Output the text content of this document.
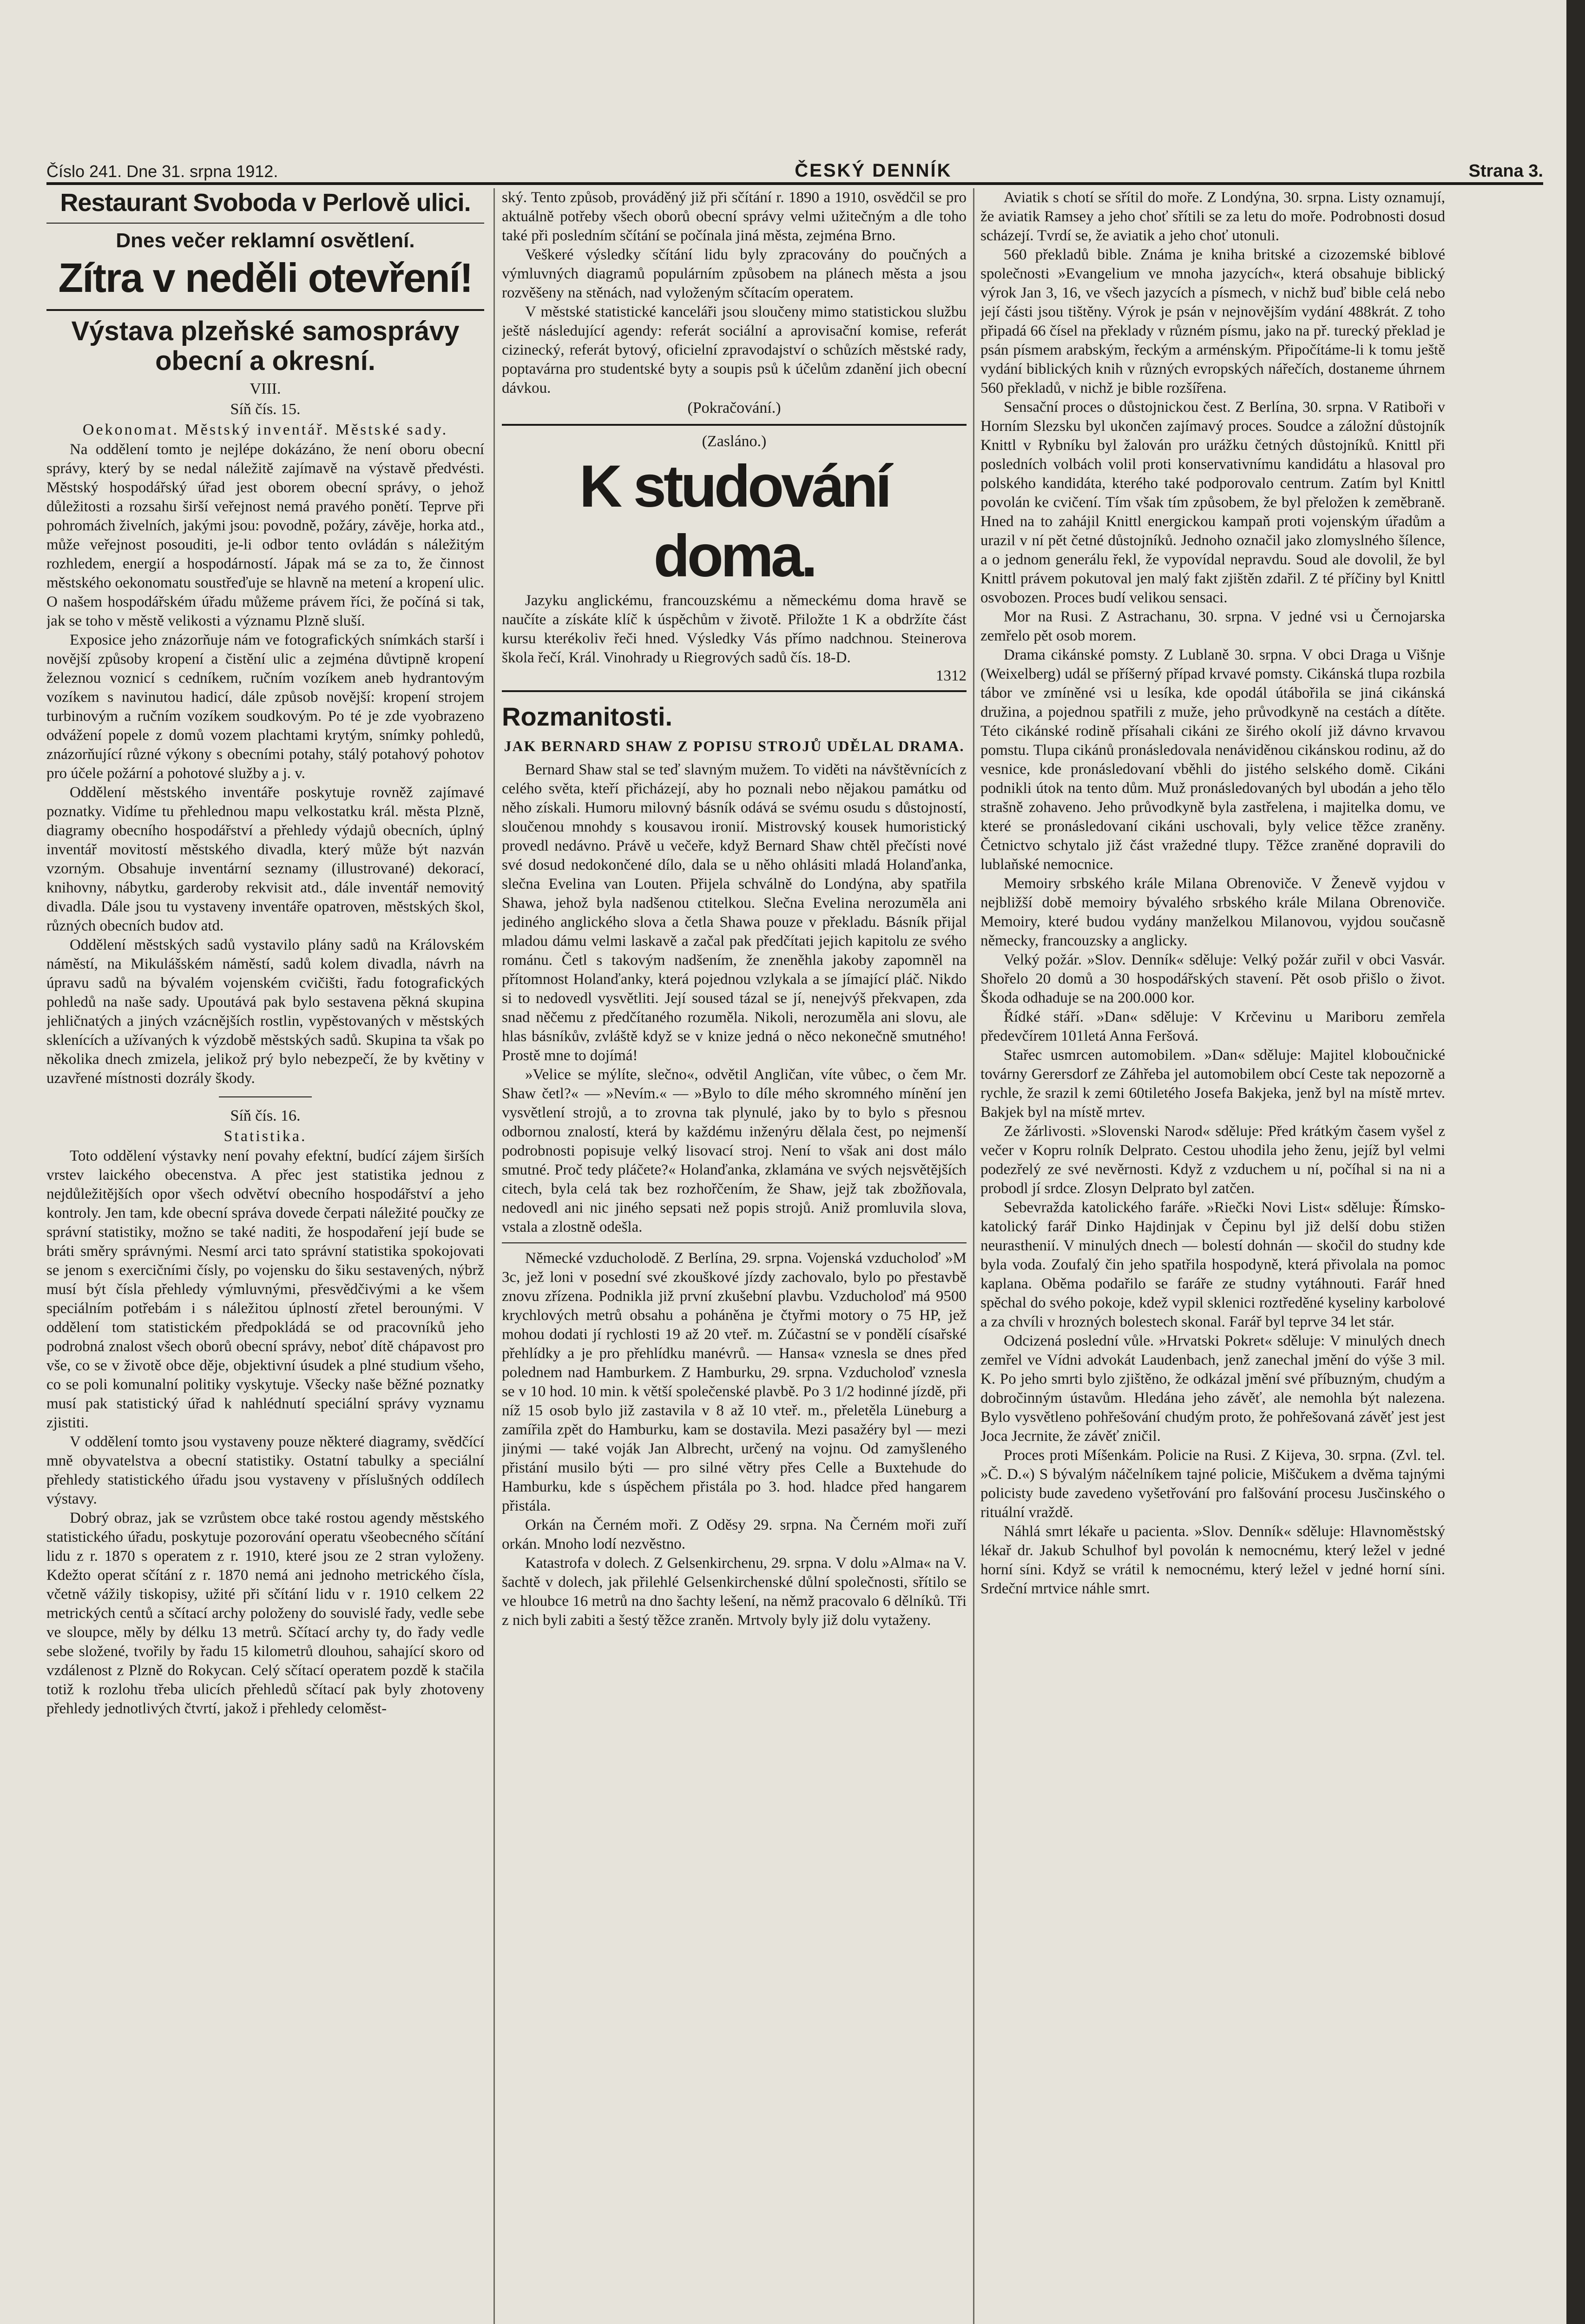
Číslo 241. Dne 31. srpna 1912.	ČESKÝ DENNÍK	Strana 3.
Restaurant Svoboda v Perlově ulici.
Dnes večer reklamní osvětlení.
Zítra v neděli otevření!
Výstava plzeňské samosprávy obecní a okresní.
VIII.
Síň čís. 15.
Oekonomat. Městský inventář. Městské sady.

Na oddělení tomto je nejlépe dokázáno, že není oboru obecní správy, který by se nedal náležitě zajímavě na výstavě předvésti. Městský hospodářský úřad jest oborem obecní správy, o jehož důležitosti a rozsahu širší veřejnost nemá pravého ponětí. Teprve při pohromách živelních, jakými jsou: povodně, požáry, závěje, horka atd., může veřejnost posouditi, je-li odbor tento ovládán s náležitým rozhledem, energií a hospodárností. Jápak má se za to, že činnost městského oekonomatu soustřeďuje se hlavně na metení a kropení ulic. O našem hospodářském úřadu můžeme právem říci, že počíná si tak, jak se toho v městě velikosti a významu Plzně sluší.

Exposice jeho znázorňuje nám ve fotografických snímkách starší i novější způsoby kropení a čistění ulic a zejména důvtipně kropení železnou voznicí s cedníkem, ručním vozíkem aneb hydrantovým vozíkem s navinutou hadicí, dále způsob novější: kropení strojem turbinovým a ručním vozíkem soudkovým. Po té je zde vyobrazeno odvážení popele z domů vozem plachtami krytým, snímky pohledů, znázorňující různé výkony s obecními potahy, stálý potahový pohotov pro účele požární a pohotové služby a j. v.

Oddělení městského inventáře poskytuje rovněž zajímavé poznatky. Vidíme tu přehlednou mapu velkostatku král. města Plzně, diagramy obecního hospodářství a přehledy výdajů obecních, úplný inventář movitostí městského divadla, který může být nazván vzorným. Obsahuje inventární seznamy (illustrované) dekorací, knihovny, nábytku, garderoby rekvisit atd., dále inventář nemovitý divadla. Dále jsou tu vystaveny inventáře opatroven, městských škol, různých obecních budov atd.

Oddělení městských sadů vystavilo plány sadů na Královském náměstí, na Mikulášském náměstí, sadů kolem divadla, návrh na úpravu sadů na bývalém vojenském cvičišti, řadu fotografických pohledů na naše sady. Upoutává pak bylo sestavena pěkná skupina jehličnatých a jiných vzácnějších rostlin, vypěstovaných v městských sklenících a užívaných k výzdobě městských sadů. Skupina ta však po několika dnech zmizela, jelikož prý bylo nebezpečí, že by květiny v uzavřené místnosti dozrály škody.

Síň čís. 16.
Statistika.

Toto oddělení výstavky není povahy efektní, budící zájem širších vrstev laického obecenstva. A přec jest statistika jednou z nejdůležitějších opor všech odvětví obecního hospodářství a jeho kontroly. Jen tam, kde obecní správa dovede čerpati náležité poučky ze správní statistiky, možno se také naditi, že hospodaření její bude se bráti směry správnými. Nesmí arci tato správní statistika spokojovati se jenom s exercičními čísly, po vojensku do šiku sestavených, nýbrž musí být čísla přehledy výmluvnými, přesvědčivými a ke všem speciálním potřebám i s náležitou úplností zřetel berounými. V oddělení tom statistickém předpokládá se od pracovníků jeho podrobná znalost všech oborů obecní správy, neboť dítě chápavost pro vše, co se v životě obce děje, objektivní úsudek a plné studium všeho, co se poli komunalní politiky vyskytuje. Všecky naše běžné poznatky musí pak statistický úřad k nahlédnutí speciální správy vyznamu zjistiti.

V oddělení tomto jsou vystaveny pouze některé diagramy, svědčící mně obyvatelstva a obecní statistiky. Ostatní tabulky a speciální přehledy statistického úřadu jsou vystaveny v příslušných oddílech výstavy.

Dobrý obraz, jak se vzrůstem obce také rostou agendy městského statistického úřadu, poskytuje pozorování operatu všeobecného sčítání lidu z r. 1870 s operatem z r. 1910, které jsou ze 2 stran vyloženy. Kdežto operat sčítání z r. 1870 nemá ani jednoho metrického čísla, včetně vážily tiskopisy, užité při sčítání lidu v r. 1910 celkem 22 metrických centů a sčítací archy položeny do souvislé řady, vedle sebe ve sloupce, měly by délku 13 metrů. Sčítací archy ty, do řady vedle sebe složené, tvořily by řadu 15 kilometrů dlouhou, sahající skoro od vzdálenost z Plzně do Rokycan. Celý sčítací operatem pozdě k stačila totiž k rozlohu třeba ulicích přehledů sčítací pak byly zhotoveny přehledy jednotlivých čtvrtí, jakož i přehledy celoměst-

ský. Tento způsob, prováděný již při sčítání r. 1890 a 1910, osvědčil se pro aktuálně potřeby všech oborů obecní správy velmi užitečným a dle toho také při posledním sčítání se počínala jiná města, zejména Brno.

Veškeré výsledky sčítání lidu byly zpracovány do poučných a výmluvných diagramů populárním způsobem na plánech města a jsou rozvěšeny na stěnách, nad vyloženým sčítacím operatem.

V městské statistické kanceláři jsou sloučeny mimo statistickou službu ještě následující agendy: referát sociální a aprovisační komise, referát cizinecký, referát bytový, oficielní zpravodajství o schůzích městské rady, poptavárna pro studentské byty a soupis psů k účelům zdanění jich obecní dávkou.

(Pokračování.)
(Zasláno.)
K studování doma.

Jazyku anglickému, francouzskému a německému doma hravě se naučíte a získáte klíč k úspěchům v životě. Přiložte 1 K a obdržíte část kursu kterékoliv řeči hned. Výsledky Vás přímo nadchnou. Steinerova škola řečí, Král. Vinohrady u Riegrových sadů čís. 18-D.

1312
Rozmanitosti.
JAK BERNARD SHAW Z POPISU STROJŮ UDĚLAL DRAMA.

Bernard Shaw stal se teď slavným mužem. To viděti na návštěvnících z celého světa, kteří přicházejí, aby ho poznali nebo nějakou památku od něho získali. Humoru milovný básník odává se svému osudu s důstojností, sloučenou mnohdy s kousavou ironií. Mistrovský kousek humoristický provedl nedávno. Právě u večeře, když Bernard Shaw chtěl přečísti nové své dosud nedokončené dílo, dala se u něho ohlásiti mladá Holanďanka, slečna Evelina van Louten. Přijela schválně do Londýna, aby spatřila Shawa, jehož byla nadšenou ctitelkou. Slečna Evelina nerozuměla ani jediného anglického slova a četla Shawa pouze v překladu. Básník přijal mladou dámu velmi laskavě a začal pak předčítati jejich kapitolu ze svého románu. Četl s takovým nadšením, že zneněhla jakoby zapomněl na přítomnost Holanďanky, která pojednou vzlykala a se jímající pláč. Nikdo si to nedovedl vysvětliti. Její soused tázal se jí, nenejvýš překvapen, zda snad něčemu z předčítaného rozuměla. Nikoli, nerozuměla ani slovu, ale hlas básníkův, zvláště když se v knize jedná o něco nekonečně smutného! Prostě mne to dojímá!

»Velice se mýlíte, slečno«, odvětil Angličan, víte vůbec, o čem Mr. Shaw četl?« — »Nevím.« — »Bylo to díle mého skromného mínění jen vysvětlení strojů, a to zrovna tak plynulé, jako by to bylo s přesnou odbornou znalostí, která by každému inženýru dělala čest, po nejmenší podrobnosti popisuje velký lisovací stroj. Není to však ani dost málo smutné. Proč tedy pláčete?« Holanďanka, zklamána ve svých nejsvětějších citech, byla celá tak bez rozhořčením, že Shaw, jejž tak zbožňovala, nedovedl ani nic jiného sepsati než popis strojů. Aniž promluvila slova, vstala a zlostně odešla.

Německé vzducholodě. Z Berlína, 29. srpna. Vojenská vzducholoď »M 3c, jež loni v posední své zkouškové jízdy zachovalo, bylo po přestavbě znovu zřízena. Podnikla již první zkušební plavbu. Vzducholoď má 9500 krychlových metrů obsahu a poháněna je čtyřmi motory o 75 HP, jež mohou dodati jí rychlosti 19 až 20 vteř. m. Zúčastní se v pondělí císařské přehlídky a je pro přehlídku manévrů. — Hansa« vznesla se dnes před polednem nad Hamburkem. Z Hamburku, 29. srpna. Vzducholoď vznesla se v 10 hod. 10 min. k větší společenské plavbě. Po 3 1/2 hodinné jízdě, při níž 15 osob bylo již zastavila v 8 až 10 vteř. m., přeletěla Lüneburg a zamířila zpět do Hamburku, kam se dostavila. Mezi pasažéry byl — mezi jinými — také voják Jan Albrecht, určený na vojnu. Od zamyšleného přistání musilo býti — pro silné větry přes Celle a Buxtehude do Hamburku, kde s úspěchem přistála po 3. hod. hladce před hangarem přistála.

Orkán na Černém moři. Z Oděsy 29. srpna. Na Černém moři zuří orkán. Mnoho lodí nezvěstno.

Katastrofa v dolech. Z Gelsenkirchenu, 29. srpna. V dolu »Alma« na V. šachtě v dolech, jak přilehlé Gelsenkirchenské důlní společnosti, sřítilo se ve hloubce 16 metrů na dno šachty lešení, na němž pracovalo 6 dělníků. Tři z nich byli zabiti a šestý těžce zraněn. Mrtvoly byly již dolu vytaženy.

Aviatik s chotí se sřítil do moře. Z Londýna, 30. srpna. Listy oznamují, že aviatik Ramsey a jeho choť sřítili se za letu do moře. Podrobnosti dosud scházejí. Tvrdí se, že aviatik a jeho choť utonuli.

560 překladů bible. Známa je kniha britské a cizozemské biblové společnosti »Evangelium ve mnoha jazycích«, která obsahuje biblický výrok Jan 3, 16, ve všech jazycích a písmech, v nichž buď bible celá nebo její části jsou tištěny. Výrok je psán v nejnovějším vydání 488krát. Z toho připadá 66 čísel na překlady v různém písmu, jako na př. turecký překlad je psán písmem arabským, řeckým a arménským. Připočítáme-li k tomu ještě vydání biblických knih v různých evropských nářečích, dostaneme úhrnem 560 překladů, v nichž je bible rozšířena.

Sensační proces o důstojnickou čest. Z Berlína, 30. srpna. V Ratiboři v Horním Slezsku byl ukončen zajímavý proces. Soudce a záložní důstojník Knittl v Rybníku byl žalován pro urážku četných důstojníků. Knittl při posledních volbách volil proti konservativnímu kandidátu a hlasoval pro polského kandidáta, kterého také podporovalo centrum. Zatím byl Knittl povolán ke cvičení. Tím však tím způsobem, že byl přeložen k zeměbraně. Hned na to zahájil Knittl energickou kampaň proti vojenským úřadům a urazil v ní pět četné důstojníků. Jednoho označil jako zlomyslného šílence, a o jednom generálu řekl, že vypovídal nepravdu. Soud ale dovolil, že byl Knittl právem pokutoval jen malý fakt zjištěn zdařil. Z té příčiny byl Knittl osvobozen. Proces budí velikou sensaci.

Mor na Rusi. Z Astrachanu, 30. srpna. V jedné vsi u Černojarska zemřelo pět osob morem.

Drama cikánské pomsty. Z Lublaně 30. srpna. V obci Draga u Višnje (Weixelberg) udál se příšerný případ krvavé pomsty. Cikánská tlupa rozbila tábor ve zmíněné vsi u lesíka, kde opodál útábořila se jiná cikánská družina, a pojednou spatřili z muže, jeho průvodkyně na cestách a dítěte. Této cikánské rodině přísahali cikáni ze širého okolí již dávno krvavou pomstu. Tlupa cikánů pronásledovala nenáviděnou cikánskou rodinu, až do vesnice, kde pronásledovaní vběhli do jistého selského domě. Cikáni podnikli útok na tento dům. Muž pronásledovaných byl ubodán a jeho tělo strašně zohaveno. Jeho průvodkyně byla zastřelena, i majitelka domu, ve které se pronásledovaní cikáni uschovali, byly velice těžce zraněny. Četnictvo schytalo již část vražedné tlupy. Těžce zraněné dopravili do lublaňské nemocnice.

Memoiry srbského krále Milana Obrenoviče. V Ženevě vyjdou v nejbližší době memoiry bývalého srbského krále Milana Obrenoviče. Memoiry, které budou vydány manželkou Milanovou, vyjdou současně německy, francouzsky a anglicky.

Velký požár. »Slov. Denník« sděluje: Velký požár zuřil v obci Vasvár. Shořelo 20 domů a 30 hospodářských stavení. Pět osob přišlo o život. Škoda odhaduje se na 200.000 kor.

Řídké stáří. »Dan« sděluje: V Krčevinu u Mariboru zemřela předevčírem 101letá Anna Feršová.

Stařec usmrcen automobilem. »Dan« sděluje: Majitel kloboučnické továrny Gerersdorf ze Záhřeba jel automobilem obcí Ceste tak nepozorně a rychle, že srazil k zemi 60tiletého Josefa Bakjeka, jenž byl na místě mrtev. Bakjek byl na místě mrtev.

Ze žárlivosti. »Slovenski Narod« sděluje: Před krátkým časem vyšel z večer v Kopru rolník Delprato. Cestou uhodila jeho ženu, jejíž byl velmi podezřelý ze své nevěrnosti. Když z vzduchem u ní, počíhal si na ni a probodl jí srdce. Zlosyn Delprato byl zatčen.

Sebevražda katolického faráře. »Riečki Novi List« sděluje: Římsko-katolický farář Dinko Hajdinjak v Čepinu byl již delší dobu stižen neurasthenií. V minulých dnech — bolestí dohnán — skočil do studny kde byla voda. Zoufalý čin jeho spatřila hospodyně, která přivolala na pomoc kaplana. Oběma podařilo se faráře ze studny vytáhnouti. Farář hned spěchal do svého pokoje, kdež vypil sklenici roztředěné kyseliny karbolové a za chvíli v hrozných bolestech skonal. Farář byl teprve 34 let stár.

Odcizená poslední vůle. »Hrvatski Pokret« sděluje: V minulých dnech zemřel ve Vídni advokát Laudenbach, jenž zanechal jmění do výše 3 mil. K. Po jeho smrti bylo zjištěno, že odkázal jmění své příbuzným, chudým a dobročinným ústavům. Hledána jeho závěť, ale nemohla být nalezena. Bylo vysvětleno pohřešování chudým proto, že pohřešovaná závěť jest jest Joca Jecrnite, že závěť zničil.

Proces proti Míšenkám. Policie na Rusi. Z Kijeva, 30. srpna. (Zvl. tel. »Č. D.«) S bývalým náčelníkem tajné policie, Miščukem a dvěma tajnými policisty bude zavedeno vyšetřování pro falšování procesu Jusčinského o rituální vraždě.

Náhlá smrt lékaře u pacienta. »Slov. Denník« sděluje: Hlavnoměstský lékař dr. Jakub Schulhof byl povolán k nemocnému, který ležel v jedné horní síni. Když se vrátil k nemocnému, který ležel v jedné horní síni. Srdeční mrtvice náhle smrt.
